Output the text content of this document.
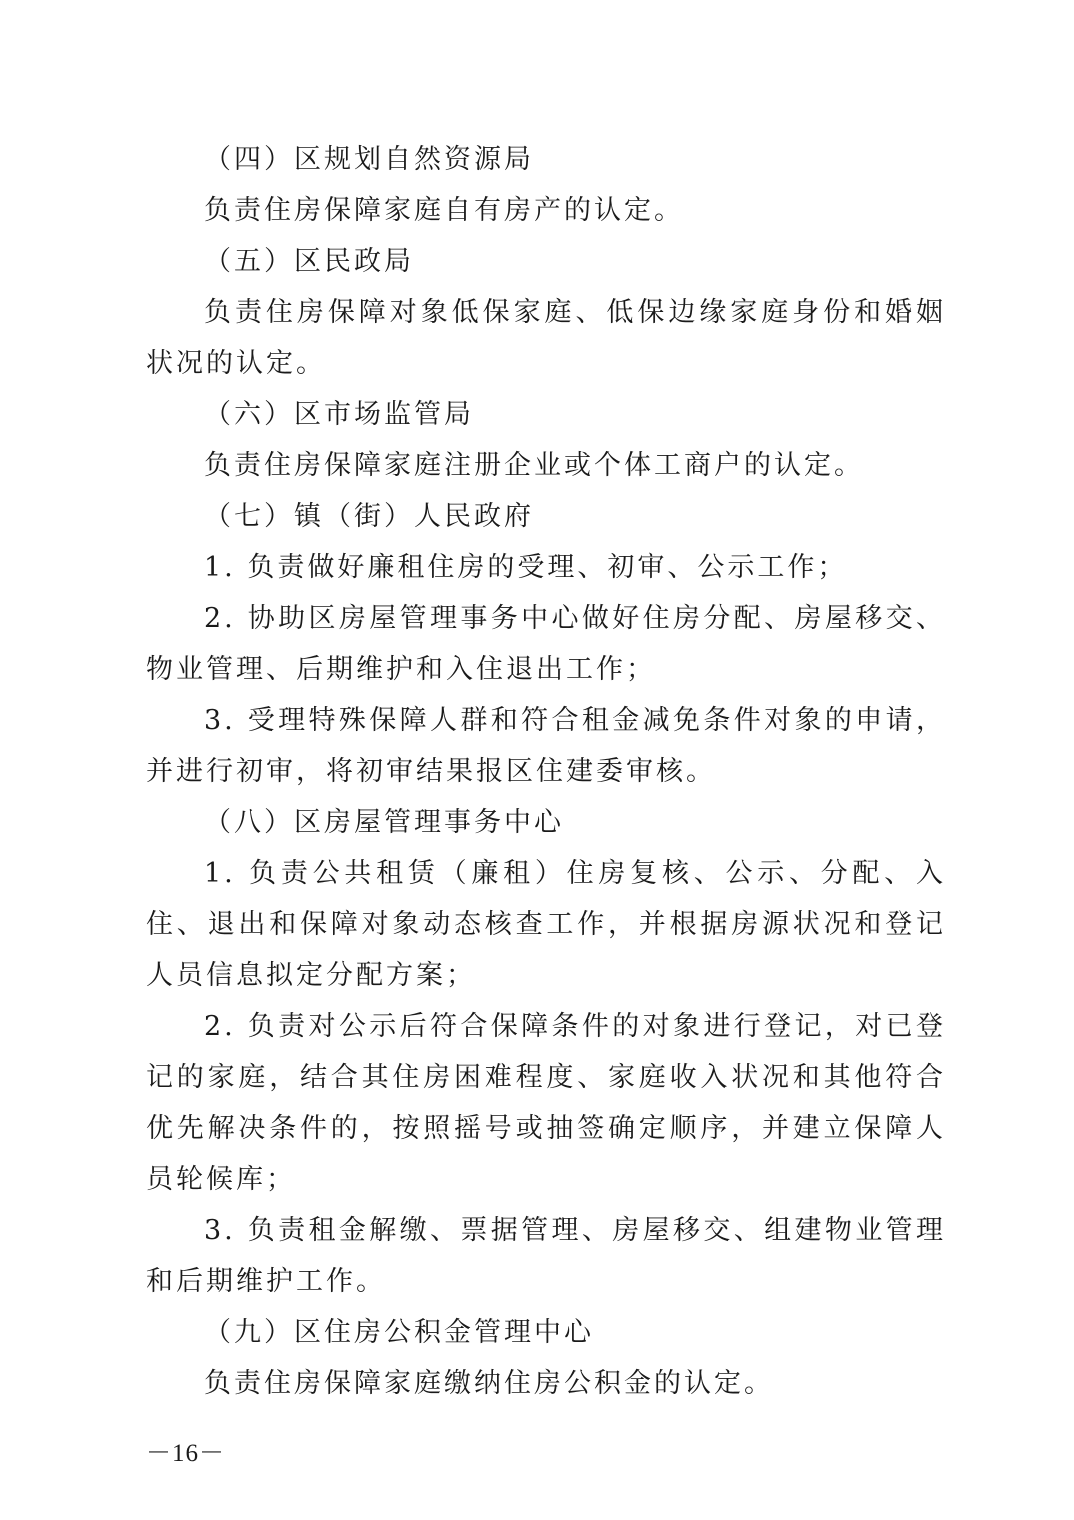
（四）区规划自然资源局

负责住房保障家庭自有房产的认定。

（五）区民政局

负责住房保障对象低保家庭、低保边缘家庭身份和婚姻状况的认定。

（六）区市场监管局

负责住房保障家庭注册企业或个体工商户的认定。

（七）镇（街）人民政府

1. 负责做好廉租住房的受理、初审、公示工作；

2. 协助区房屋管理事务中心做好住房分配、房屋移交、物业管理、后期维护和入住退出工作；

3. 受理特殊保障人群和符合租金减免条件对象的申请，并进行初审，将初审结果报区住建委审核。

（八）区房屋管理事务中心

1. 负责公共租赁（廉租）住房复核、公示、分配、入住、退出和保障对象动态核查工作，并根据房源状况和登记人员信息拟定分配方案；

2. 负责对公示后符合保障条件的对象进行登记，对已登记的家庭，结合其住房困难程度、家庭收入状况和其他符合优先解决条件的，按照摇号或抽签确定顺序，并建立保障人员轮候库；

3. 负责租金解缴、票据管理、房屋移交、组建物业管理和后期维护工作。

（九）区住房公积金管理中心

负责住房保障家庭缴纳住房公积金的认定。

－16－
